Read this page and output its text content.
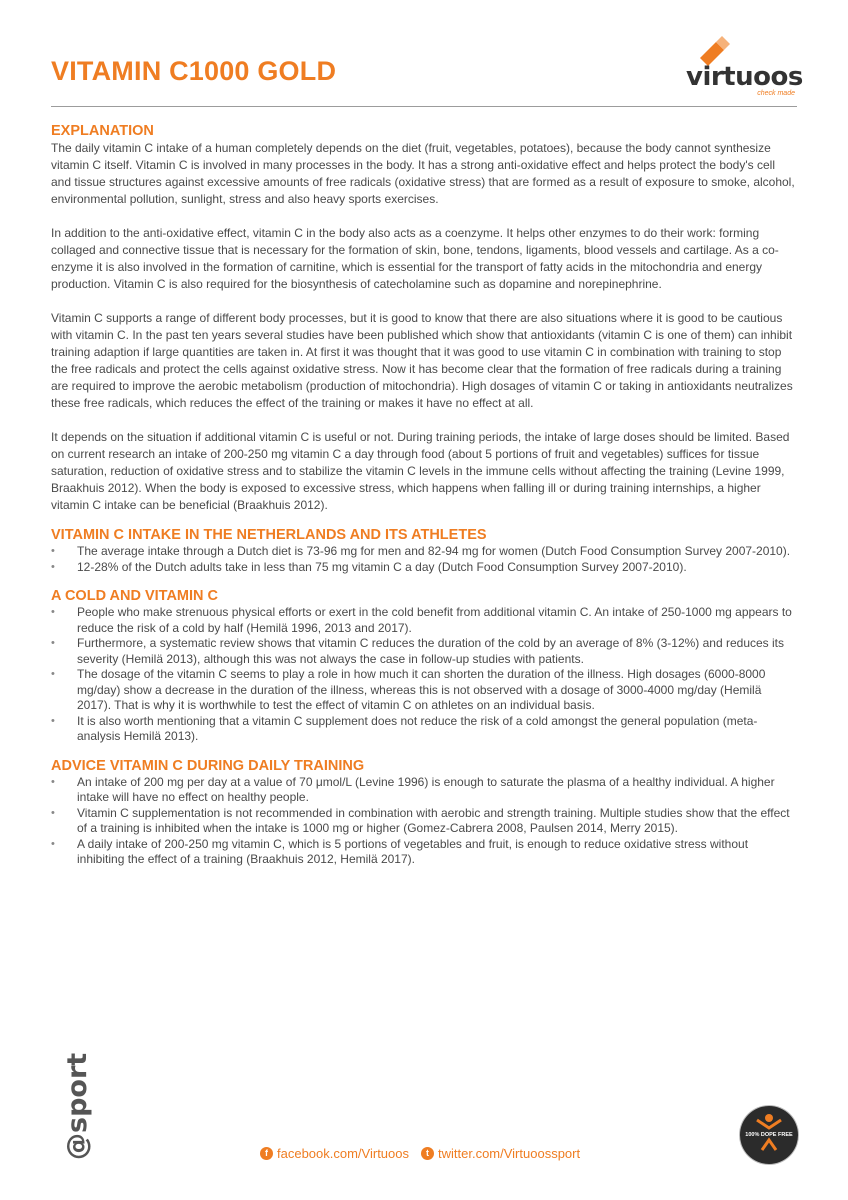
VITAMIN C1000 GOLD	virtuoos
check made
EXPLANATION

The daily vitamin C intake of a human completely depends on the diet (fruit, vegetables, potatoes), because the body cannot synthesize vitamin C itself. Vitamin C is involved in many processes in the body. It has a strong anti-oxidative effect and helps protect the body's cell and tissue structures against excessive amounts of free radicals (oxidative stress) that are formed as a result of exposure to smoke, alcohol, environmental pollution, sunlight, stress and also heavy sports exercises.

In addition to the anti-oxidative effect, vitamin C in the body also acts as a coenzyme. It helps other enzymes to do their work: forming collaged and connective tissue that is necessary for the formation of skin, bone, tendons, ligaments, blood vessels and cartilage. As a co-enzyme it is also involved in the formation of carnitine, which is essential for the transport of fatty acids in the mitochondria and energy production. Vitamin C is also required for the biosynthesis of catecholamine such as dopamine and norepinephrine.

Vitamin C supports a range of different body processes, but it is good to know that there are also situations where it is good to be cautious with vitamin C. In the past ten years several studies have been published which show that antioxidants (vitamin C is one of them) can inhibit training adaption if large quantities are taken in. At first it was thought that it was good to use vitamin C in combination with training to stop the free radicals and protect the cells against oxidative stress. Now it has become clear that the formation of free radicals during a training are required to improve the aerobic metabolism (production of mitochondria). High dosages of vitamin C or taking in antioxidants neutralizes these free radicals, which reduces the effect of the training or makes it have no effect at all.

It depends on the situation if additional vitamin C is useful or not. During training periods, the intake of large doses should be limited. Based on current research an intake of 200-250 mg vitamin C a day through food (about 5 portions of fruit and vegetables) suffices for tissue saturation, reduction of oxidative stress and to stabilize the vitamin C levels in the immune cells without affecting the training (Levine 1999, Braakhuis 2012). When the body is exposed to excessive stress, which happens when falling ill or during training internships, a higher vitamin C intake can be beneficial (Braakhuis 2012).

VITAMIN C INTAKE IN THE NETHERLANDS AND ITS ATHLETES
• The average intake through a Dutch diet is 73-96 mg for men and 82-94 mg for women (Dutch Food Consumption Survey 2007-2010).
• 12-28% of the Dutch adults take in less than 75 mg vitamin C a day (Dutch Food Consumption Survey 2007-2010).
A COLD AND VITAMIN C
• People who make strenuous physical efforts or exert in the cold benefit from additional vitamin C. An intake of 250-1000 mg appears to reduce the risk of a cold by half (Hemilä 1996, 2013 and 2017).
• Furthermore, a systematic review shows that vitamin C reduces the duration of the cold by an average of 8% (3-12%) and reduces its severity (Hemilä 2013), although this was not always the case in follow-up studies with patients.
• The dosage of the vitamin C seems to play a role in how much it can shorten the duration of the illness. High dosages (6000-8000 mg/day) show a decrease in the duration of the illness, whereas this is not observed with a dosage of 3000-4000 mg/day (Hemilä 2017). That is why it is worthwhile to test the effect of vitamin C on athletes on an individual basis.
• It is also worth mentioning that a vitamin C supplement does not reduce the risk of a cold amongst the general population (meta-analysis Hemilä 2013).
ADVICE VITAMIN C DURING DAILY TRAINING
• An intake of 200 mg per day at a value of 70 μmol/L (Levine 1996) is enough to saturate the plasma of a healthy individual. A higher intake will have no effect on healthy people.
• Vitamin C supplementation is not recommended in combination with aerobic and strength training. Multiple studies show that the effect of a training is inhibited when the intake is 1000 mg or higher (Gomez-Cabrera 2008, Paulsen 2014, Merry 2015).
• A daily intake of 200-250 mg vitamin C, which is 5 portions of vegetables and fruit, is enough to reduce oxidative stress without inhibiting the effect of a training (Braakhuis 2012, Hemilä 2017).
@sport	f facebook.com/Virtuoos	t twitter.com/Virtuoossport
100% DOPE FREE
